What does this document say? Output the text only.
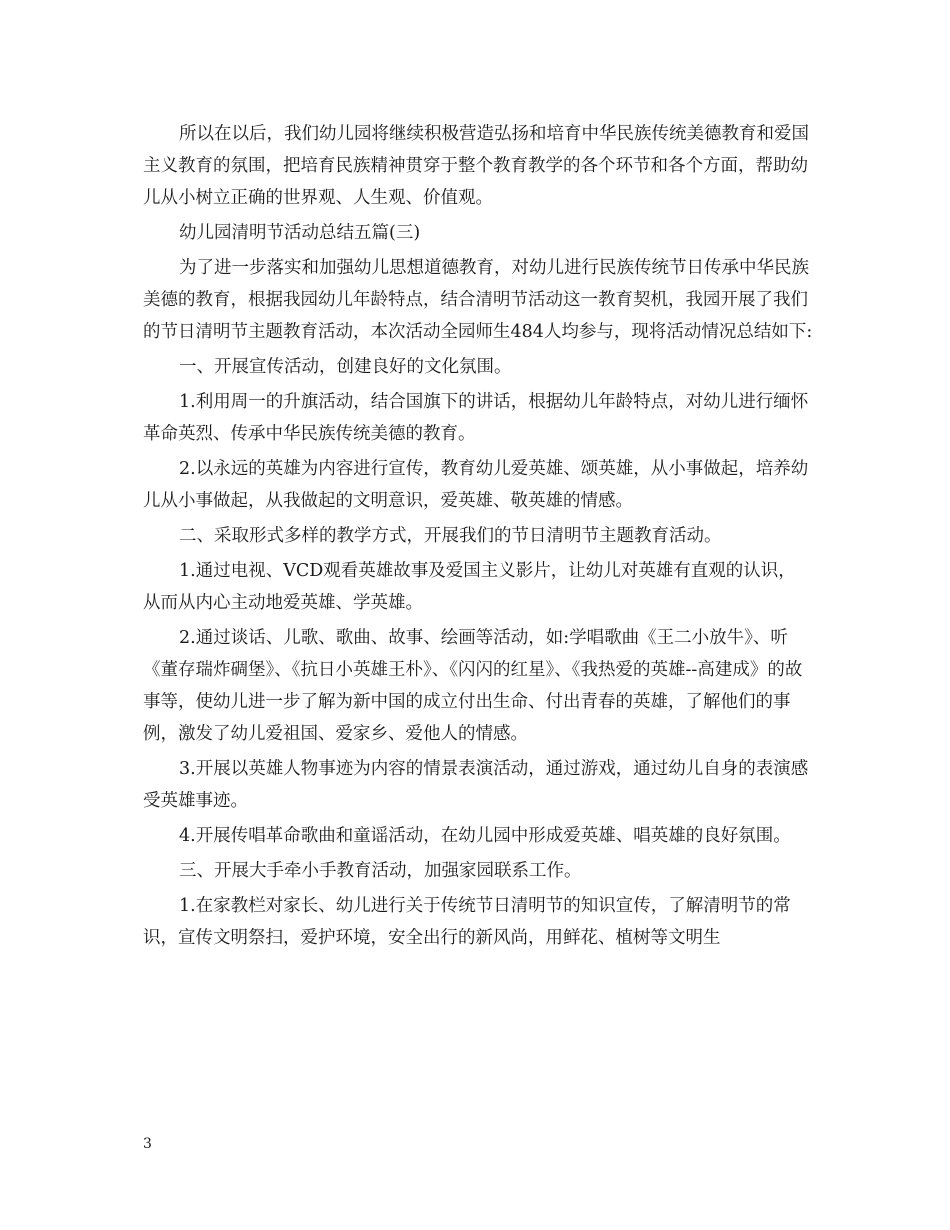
所以在以后，我们幼儿园将继续积极营造弘扬和培育中华民族传统美德教育和爱国主义教育的氛围，把培育民族精神贯穿于整个教育教学的各个环节和各个方面，帮助幼儿从小树立正确的世界观、人生观、价值观。

幼儿园清明节活动总结五篇(三)

为了进一步落实和加强幼儿思想道德教育，对幼儿进行民族传统节日传承中华民族美德的教育，根据我园幼儿年龄特点，结合清明节活动这一教育契机，我园开展了我们的节日清明节主题教育活动，本次活动全园师生484人均参与，现将活动情况总结如下:

一、开展宣传活动，创建良好的文化氛围。

1.利用周一的升旗活动，结合国旗下的讲话，根据幼儿年龄特点，对幼儿进行缅怀革命英烈、传承中华民族传统美德的教育。

2.以永远的英雄为内容进行宣传，教育幼儿爱英雄、颂英雄，从小事做起，培养幼儿从小事做起，从我做起的文明意识，爱英雄、敬英雄的情感。

二、采取形式多样的教学方式，开展我们的节日清明节主题教育活动。

1.通过电视、VCD观看英雄故事及爱国主义影片，让幼儿对英雄有直观的认识，从而从内心主动地爱英雄、学英雄。

2.通过谈话、儿歌、歌曲、故事、绘画等活动，如:学唱歌曲《王二小放牛》、听《董存瑞炸碉堡》、《抗日小英雄王朴》、《闪闪的红星》、《我热爱的英雄--高建成》的故事等，使幼儿进一步了解为新中国的成立付出生命、付出青春的英雄，了解他们的事例，激发了幼儿爱祖国、爱家乡、爱他人的情感。

3.开展以英雄人物事迹为内容的情景表演活动，通过游戏，通过幼儿自身的表演感受英雄事迹。

4.开展传唱革命歌曲和童谣活动，在幼儿园中形成爱英雄、唱英雄的良好氛围。

三、开展大手牵小手教育活动，加强家园联系工作。

1.在家教栏对家长、幼儿进行关于传统节日清明节的知识宣传，了解清明节的常识，宣传文明祭扫，爱护环境，安全出行的新风尚，用鲜花、植树等文明生

3
